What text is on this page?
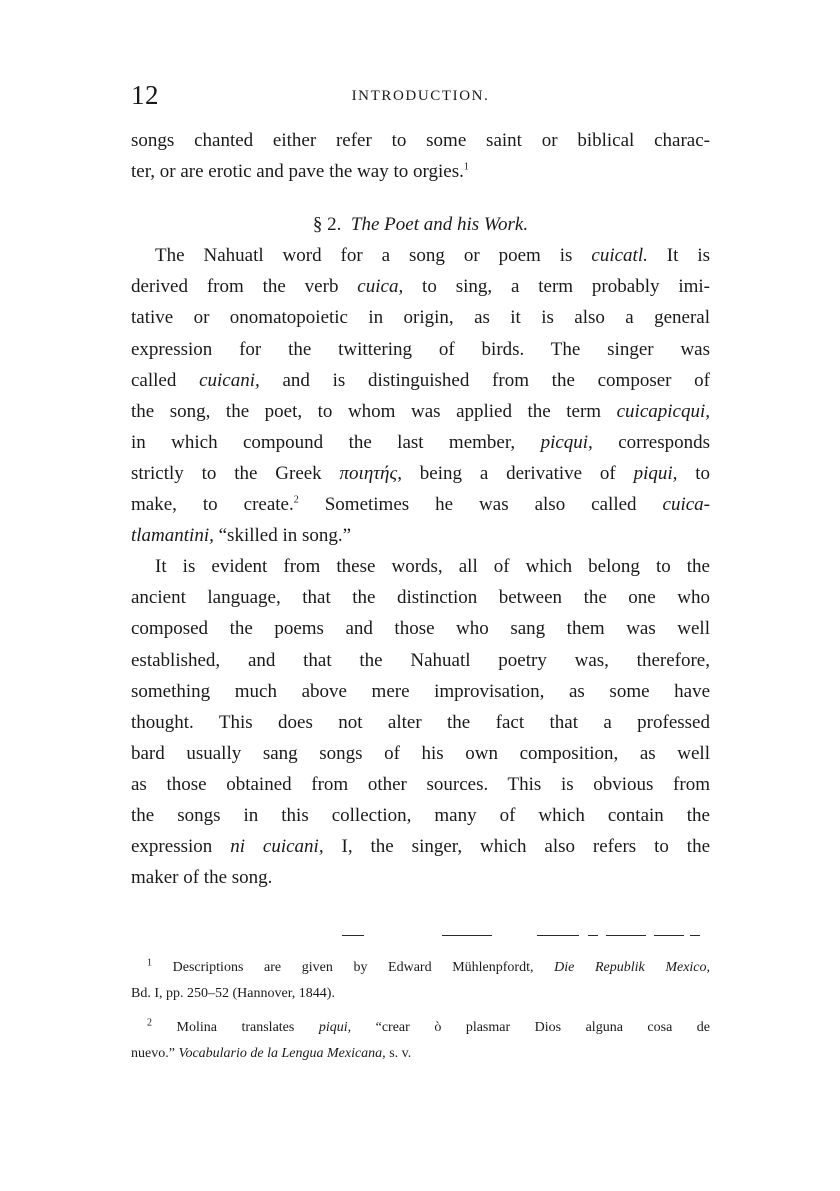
12	INTRODUCTION.
songs chanted either refer to some saint or biblical charac-
ter, or are erotic and pave the way to orgies.$^1$
§ 2. The Poet and his Work.
The Nahuatl word for a song or poem is cuicatl. It is
derived from the verb cuica, to sing, a term probably imi-
tative or onomatopoietic in origin, as it is also a general
expression for the twittering of birds. The singer was
called cuicani, and is distinguished from the composer of
the song, the poet, to whom was applied the term cuicapicqui,
in which compound the last member, picqui, corresponds
strictly to the Greek ποιητής, being a derivative of piqui, to
make, to create.$^2$ Sometimes he was also called cuica-
tlamantini, “skilled in song.”
It is evident from these words, all of which belong to the
ancient language, that the distinction between the one who
composed the poems and those who sang them was well
established, and that the Nahuatl poetry was, therefore,
something much above mere improvisation, as some have
thought. This does not alter the fact that a professed
bard usually sang songs of his own composition, as well
as those obtained from other sources. This is obvious from
the songs in this collection, many of which contain the
expression ni cuicani, I, the singer, which also refers to the
maker of the song.
$^1$ Descriptions are given by Edward Mühlenpfordt, Die Republik Mexico,
Bd. I, pp. 250–52 (Hannover, 1844).
$^2$ Molina translates piqui, “crear ò plasmar Dios alguna cosa de
nuevo.” Vocabulario de la Lengua Mexicana, s. v.
